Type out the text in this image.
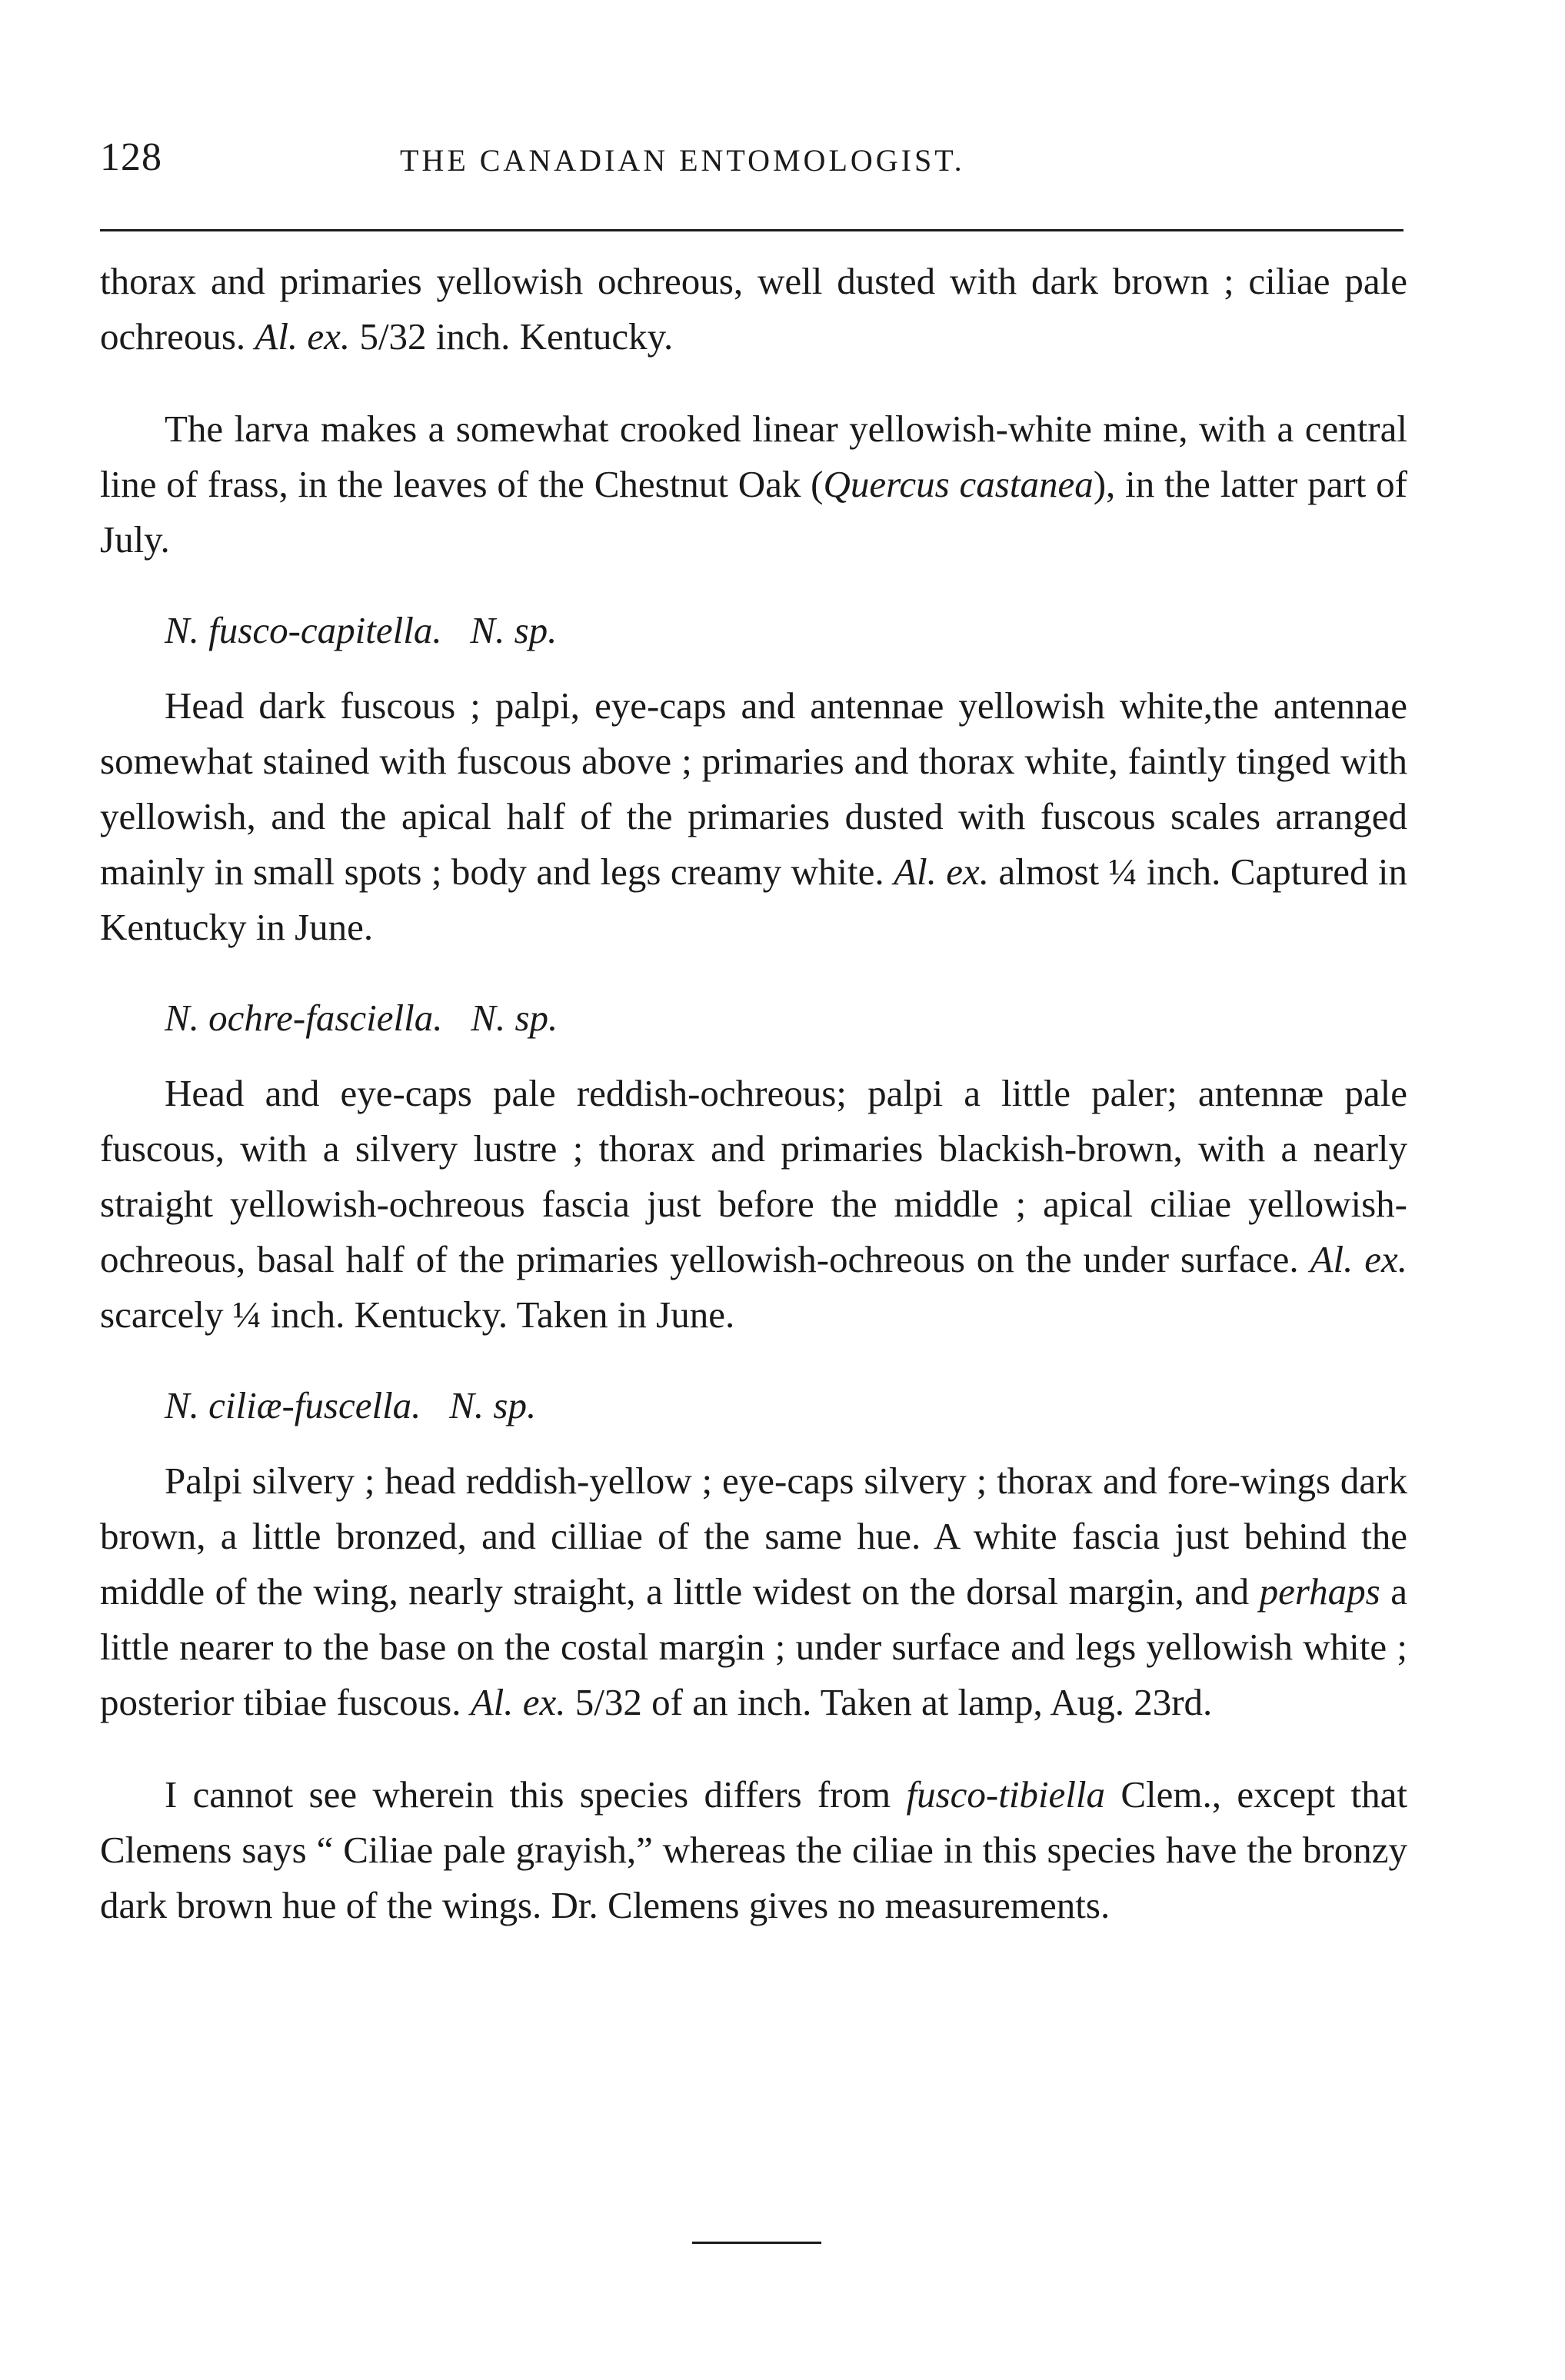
128	THE CANADIAN ENTOMOLOGIST.

thorax and primaries yellowish ochreous, well dusted with dark brown ; ciliae pale ochreous. Al. ex. 5/32 inch. Kentucky.

The larva makes a somewhat crooked linear yellowish-white mine, with a central line of frass, in the leaves of the Chestnut Oak (Quercus castanea), in the latter part of July.

N. fusco-capitella. N. sp.

Head dark fuscous ; palpi, eye-caps and antennae yellowish white,the antennae somewhat stained with fuscous above ; primaries and thorax white, faintly tinged with yellowish, and the apical half of the primaries dusted with fuscous scales arranged mainly in small spots ; body and legs creamy white. Al. ex. almost ¼ inch. Captured in Kentucky in June.

N. ochre-fasciella. N. sp.

Head and eye-caps pale reddish-ochreous; palpi a little paler; antennæ pale fuscous, with a silvery lustre ; thorax and primaries blackish-brown, with a nearly straight yellowish-ochreous fascia just before the middle ; apical ciliae yellowish-ochreous, basal half of the primaries yellowish-ochreous on the under surface. Al. ex. scarcely ¼ inch. Kentucky. Taken in June.

N. ciliæ-fuscella. N. sp.

Palpi silvery ; head reddish-yellow ; eye-caps silvery ; thorax and fore-wings dark brown, a little bronzed, and cilliae of the same hue. A white fascia just behind the middle of the wing, nearly straight, a little widest on the dorsal margin, and perhaps a little nearer to the base on the costal margin ; under surface and legs yellowish white ; posterior tibiae fuscous. Al. ex. 5/32 of an inch. Taken at lamp, Aug. 23rd.

I cannot see wherein this species differs from fusco-tibiella Clem., except that Clemens says “ Ciliae pale grayish,” whereas the ciliae in this species have the bronzy dark brown hue of the wings. Dr. Clemens gives no measurements.
